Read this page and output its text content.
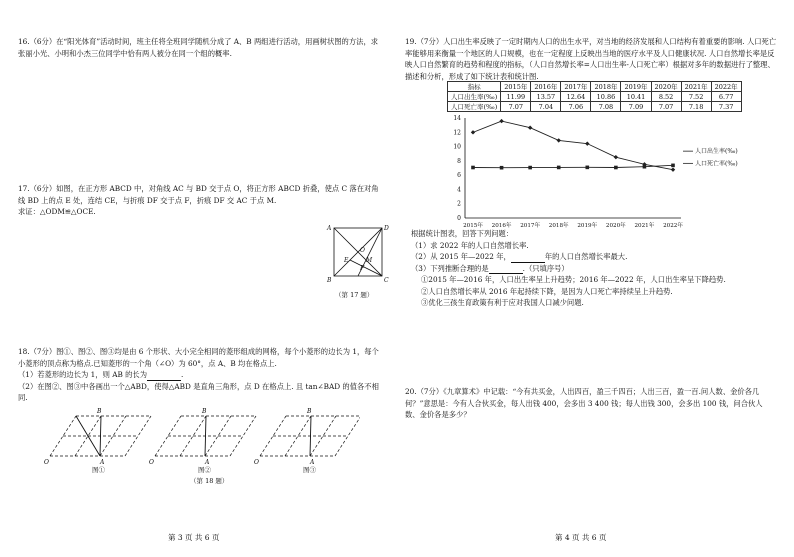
16.（6分）在“阳光体育”活动时间，班主任将全班同学随机分成了 A、B 两组进行活动，用画树状图的方法，求张丽小光、小明和小杰三位同学中恰有两人被分在同一个组的概率.

17.（6分）如图，在正方形 ABCD 中，对角线 AC 与 BD 交于点 O，将正方形 ABCD 折叠，使点 C 落在对角线 BD 上的点 E 处，连结 CE，与折痕 DF 交于点 F，折痕 DF 交 AC 于点 M.

求证：△ODM≌△OCE.

A	D
B	C
O
E	M
F
（第 17 题）

18.（7分）图①、图②、图③均是由 6 个形状、大小完全相同的菱形组成的网格，每个小菱形的边长为 1，每个小菱形的顶点称为格点.已知菱形的一个角（∠O）为 60°，点 A、B 均在格点上.

（1）若菱形的边长为 1，则 AB 的长为	.

（2）在图②、图③中各画出一个△ABD，使得△ABD 是直角三角形，点 D 在格点上. 且 tan∠BAD 的值各不相同.

O	A
B
O	A
B
O	A
B
图①	图②	图③
（第 18 题）
第 3 页 共 6 页

19.（7分）人口出生率反映了一定时期内人口的出生水平，对当地的经济发展和人口结构有着重要的影响. 人口死亡率能够用来衡量一个地区的人口规模，也在一定程度上反映出当地的医疗水平及人口健康状况. 人口自然增长率是反映人口自然繁育的趋势和程度的指标，（人口自然增长率=人口出生率-人口死亡率）根据对多年的数据进行了整理、描述和分析，形成了如下统计表和统计图.

指标	2015年	2016年	2017年	2018年	2019年	2020年	2021年	2022年
人口出生率(‰)	11.99	13.57	12.64	10.86	10.41	8.52	7.52	6.77
人口死亡率(‰)	7.07	7.04	7.06	7.08	7.09	7.07	7.18	7.37
0
2
4
6
8
10
12
14
2015年 2016年 2017年 2018年 2019年 2020年 2021年 2022年
人口出生率(‰)
人口死亡率(‰)

根据统计图表，回答下列问题：

（1）求 2022 年的人口自然增长率.

（2）从 2015 年—2022 年，	年的人口自然增长率最大.

（3）下列推断合理的是	.（只填序号）

①2015 年—2016 年，人口出生率呈上升趋势；2016 年—2022 年，人口出生率呈下降趋势.

②人口自然增长率从 2016 年起持续下降，是因为人口死亡率持续呈上升趋势.

③优化三孩生育政策有利于应对我国人口减少问题.

20.（7分）《九章算术》中记载：“今有共买金，人出四百，盈三千四百；人出三百，盈一百.问人数、金价各几何？”意思是：今有人合伙买金，每人出钱 400，会多出 3 400 钱；每人出钱 300，会多出 100 钱，问合伙人数、金价各是多少？

第 4 页 共 6 页
